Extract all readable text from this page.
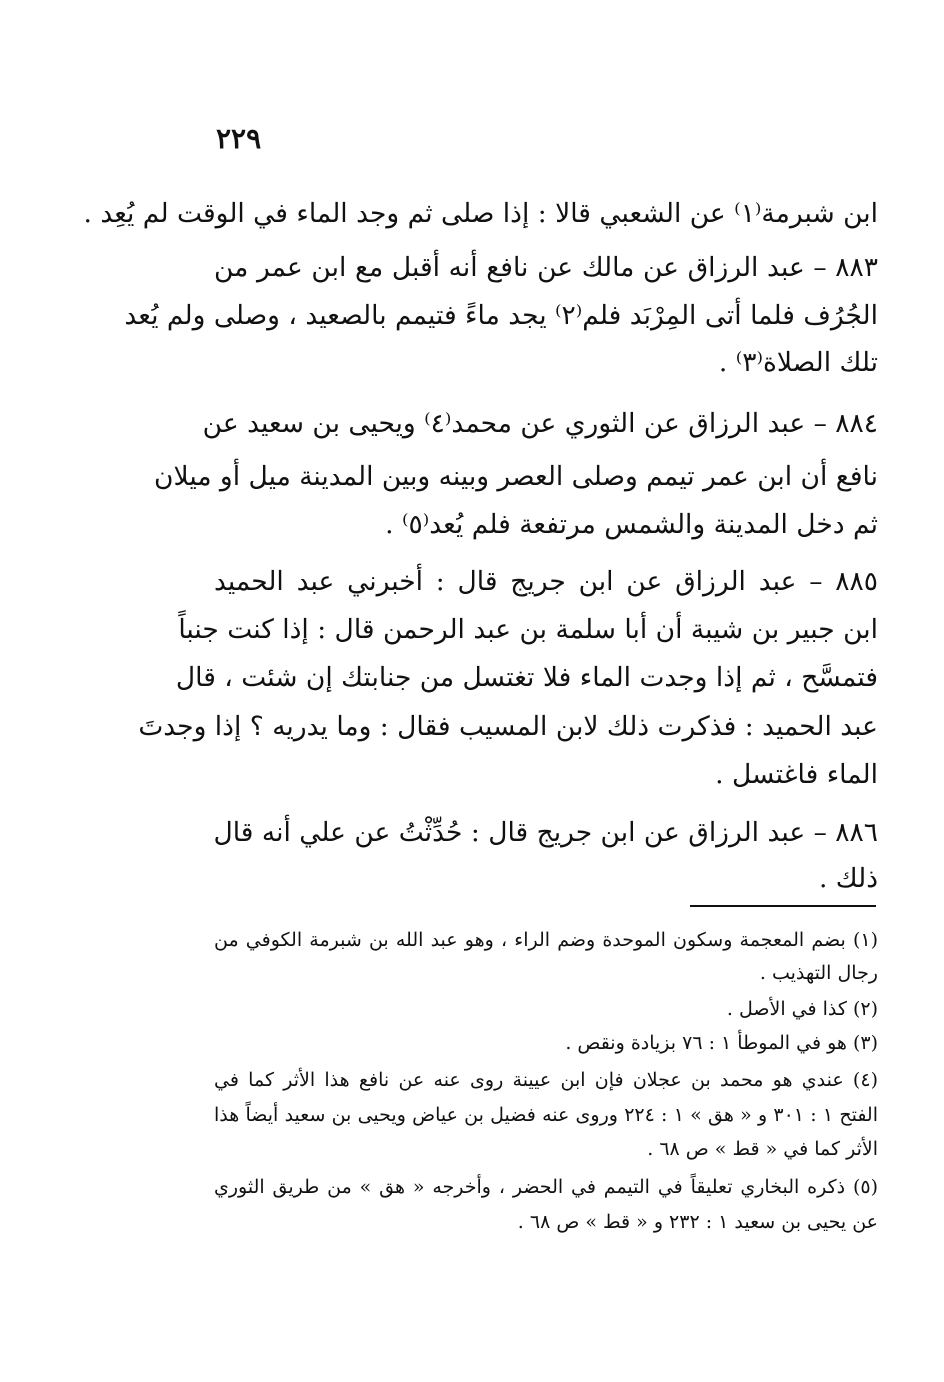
٢٢٩
ابن شبرمة⁽١⁾ عن الشعبي قالا : إذا صلى ثم وجد الماء في الوقت لم يُعِد .
٨٨٣ – عبد الرزاق عن مالك عن نافع أنه أقبل مع ابن عمر من
الجُرُف فلما أتى المِرْبَد فلم⁽٢⁾ يجد ماءً فتيمم بالصعيد ، وصلى ولم يُعد
تلك الصلاة⁽٣⁾ .
٨٨٤ – عبد الرزاق عن الثوري عن محمد⁽٤⁾ ويحيى بن سعيد عن
نافع أن ابن عمر تيمم وصلى العصر وبينه وبين المدينة ميل أو ميلان
ثم دخل المدينة والشمس مرتفعة فلم يُعد⁽٥⁾ .
٨٨٥ – عبد الرزاق عن ابن جريج قال : أخبرني عبد الحميد
ابن جبير بن شيبة أن أبا سلمة بن عبد الرحمن قال : إذا كنت جنباً
فتمسَّح ، ثم إذا وجدت الماء فلا تغتسل من جنابتك إن شئت ، قال
عبد الحميد : فذكرت ذلك لابن المسيب فقال : وما يدريه ؟ إذا وجدتَ
الماء فاغتسل .
٨٨٦ – عبد الرزاق عن ابن جريج قال : حُدِّثْتُ عن علي أنه قال
ذلك .
(١) بضم المعجمة وسكون الموحدة وضم الراء ، وهو عبد الله بن شبرمة الكوفي من
رجال التهذيب .
(٢) كذا في الأصل .
(٣) هو في الموطأ ١ : ٧٦ بزيادة ونقص .
(٤) عندي هو محمد بن عجلان فإن ابن عيينة روى عنه عن نافع هذا الأثر كما في
الفتح ١ : ٣٠١ و « هق » ١ : ٢٢٤ وروى عنه فضيل بن عياض ويحيى بن سعيد أيضاً هذا
الأثر كما في « قط » ص ٦٨ .
(٥) ذكره البخاري تعليقاً في التيمم في الحضر ، وأخرجه « هق » من طريق الثوري
عن يحيى بن سعيد ١ : ٢٣٢ و « قط » ص ٦٨ .
